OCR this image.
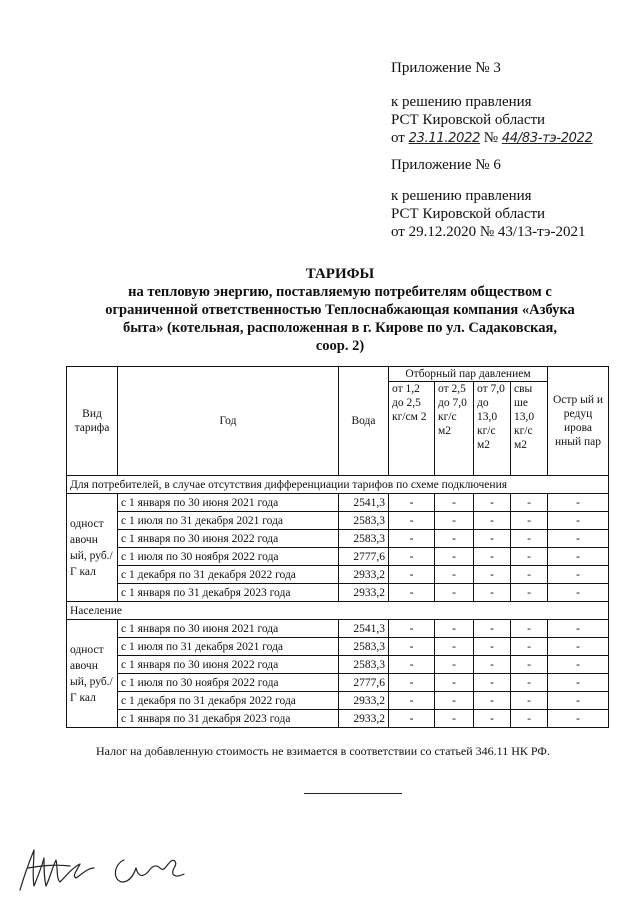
Приложение № 3
к решению правления
РСТ Кировской области
от 23.11.2022 № 44/83-тэ-2022
Приложение № 6
к решению правления
РСТ Кировской области
от 29.12.2020 № 43/13-тэ-2021
ТАРИФЫ
на тепловую энергию, поставляемую потребителям обществом с
ограниченной ответственностью Теплоснабжающая компания «Азбука
быта» (котельная, расположенная в г. Кирове по ул. Садаковская,
соор. 2)
Вид тарифа	Год	Вода	Отборный пар давлением				Остр ый и редуц ирова нный пар
			от 1,2 до 2,5 кг/см 2	от 2,5 до 7,0 кг/с м2	от 7,0 до 13,0 кг/с м2	свы ше 13,0 кг/с м2	
Для потребителей, в случае отсутствия дифференциации тарифов по схеме подключения							
одност авочн ый, руб./Г кал	с 1 января по 30 июня 2021 года	2541,3	-	-	-	-	-
	с 1 июля по 31 декабря 2021 года	2583,3	-	-	-	-	-
	с 1 января по 30 июня 2022 года	2583,3	-	-	-	-	-
	с 1 июля по 30 ноября 2022 года	2777,6	-	-	-	-	-
	с 1 декабря по 31 декабря 2022 года	2933,2	-	-	-	-	-
	с 1 января по 31 декабря 2023 года	2933,2	-	-	-	-	-
Население							
одност авочн ый, руб./Г кал	с 1 января по 30 июня 2021 года	2541,3	-	-	-	-	-
	с 1 июля по 31 декабря 2021 года	2583,3	-	-	-	-	-
	с 1 января по 30 июня 2022 года	2583,3	-	-	-	-	-
	с 1 июля по 30 ноября 2022 года	2777,6	-	-	-	-	-
	с 1 декабря по 31 декабря 2022 года	2933,2	-	-	-	-	-
	с 1 января по 31 декабря 2023 года	2933,2	-	-	-	-	-
Налог на добавленную стоимость не взимается в соответствии со статьей 346.11 НК РФ.
